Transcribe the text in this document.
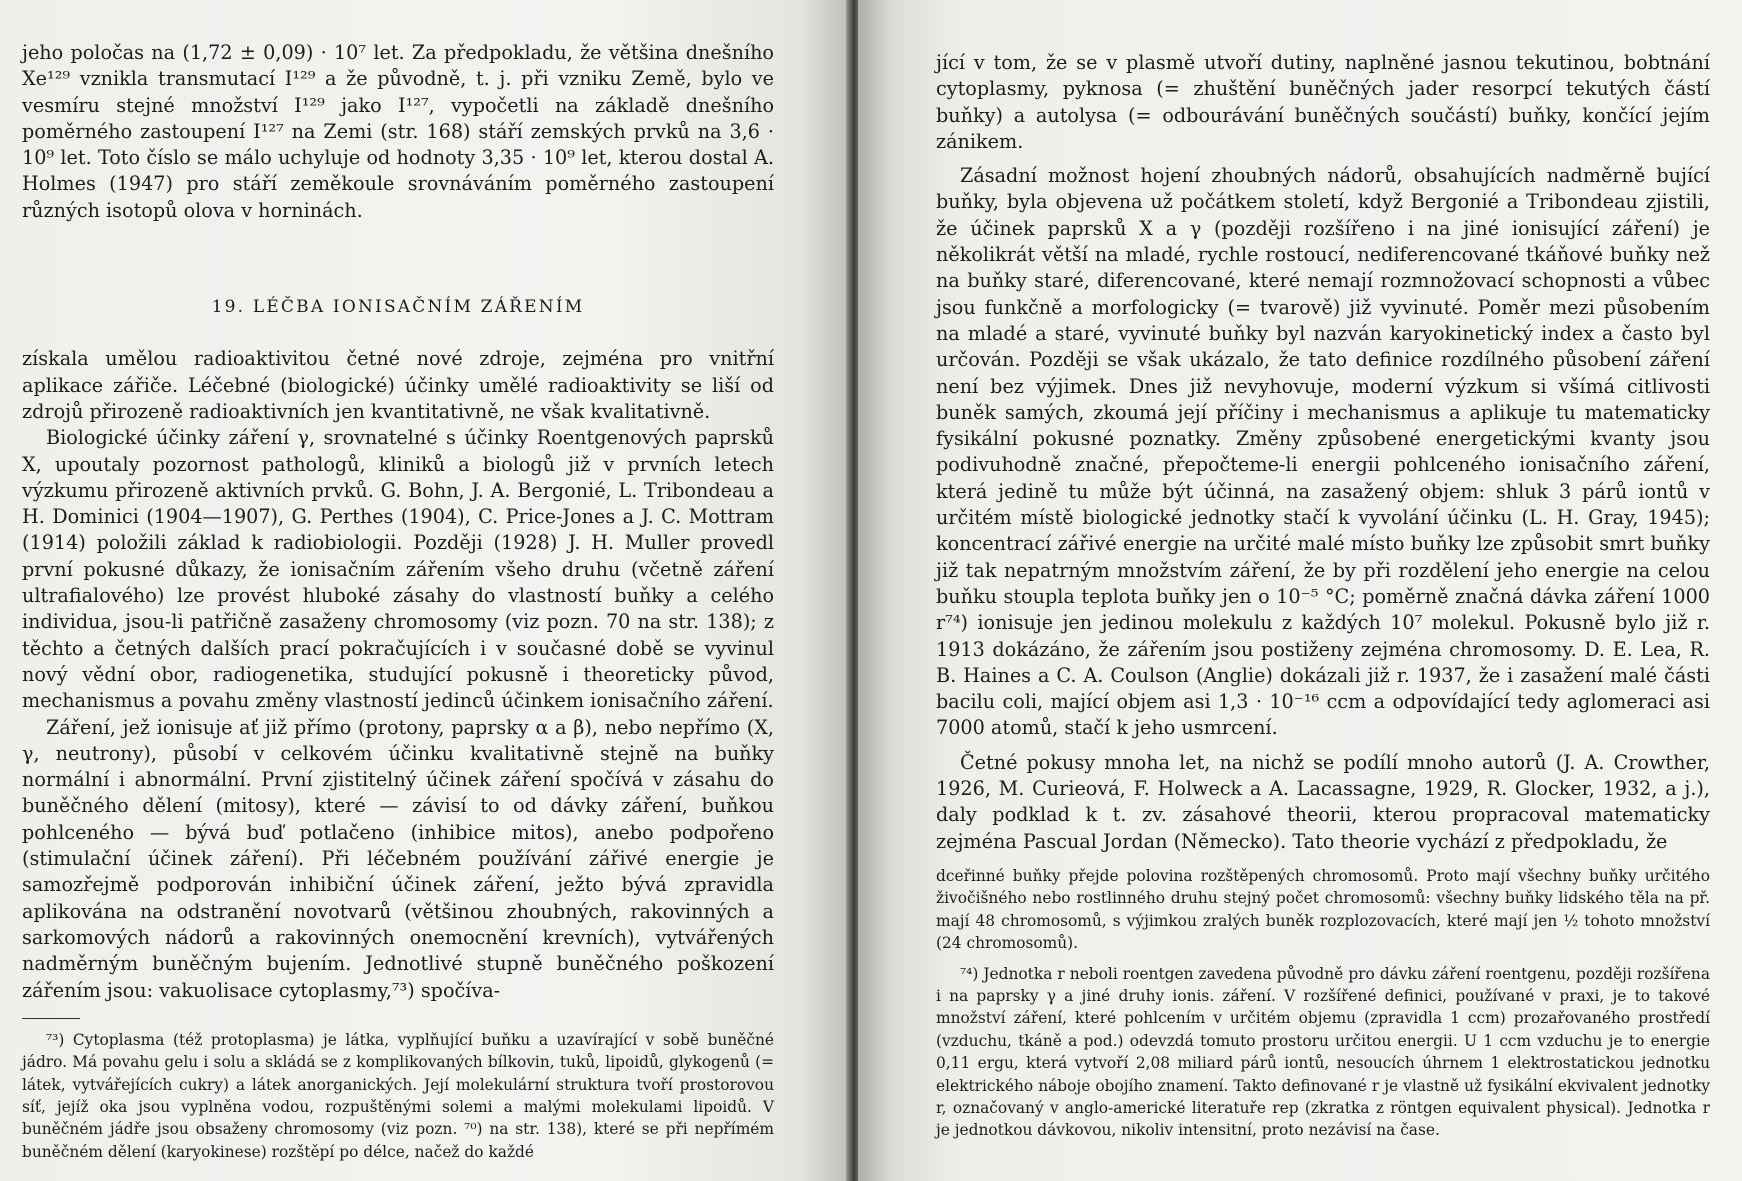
jeho poločas na (1,72 ± 0,09) · 10⁷ let. Za předpokladu, že většina dnešního Xe¹²⁹ vznikla transmutací I¹²⁹ a že původně, t. j. při vzniku Země, bylo ve vesmíru stejné množství I¹²⁹ jako I¹²⁷, vypočetli na základě dnešního poměrného zastoupení I¹²⁷ na Zemi (str. 168) stáří zemských prvků na 3,6 · 10⁹ let. Toto číslo se málo uchyluje od hodnoty 3,35 · 10⁹ let, kterou dostal A. Holmes (1947) pro stáří zeměkoule srovnáváním poměrného zastoupení různých isotopů olova v horninách.

19. LÉČBA IONISAČNÍM ZÁŘENÍM

získala umělou radioaktivitou četné nové zdroje, zejména pro vnitřní aplikace zářiče. Léčebné (biologické) účinky umělé radioaktivity se liší od zdrojů přirozeně radioaktivních jen kvantitativně, ne však kvalitativně.

Biologické účinky záření γ, srovnatelné s účinky Roentgenových paprsků X, upoutaly pozornost pathologů, kliniků a biologů již v prvních letech výzkumu přirozeně aktivních prvků. G. Bohn, J. A. Bergonié, L. Tribondeau a H. Dominici (1904—1907), G. Perthes (1904), C. Price-Jones a J. C. Mottram (1914) položili základ k radiobiologii. Později (1928) J. H. Muller provedl první pokusné důkazy, že ionisačním zářením všeho druhu (včetně záření ultrafialového) lze provést hluboké zásahy do vlastností buňky a celého individua, jsou-li patřičně zasaženy chromosomy (viz pozn. 70 na str. 138); z těchto a četných dalších prací pokračujících i v současné době se vyvinul nový vědní obor, radiogenetika, studující pokusně i theoreticky původ, mechanismus a povahu změny vlastností jedinců účinkem ionisačního záření.

Záření, jež ionisuje ať již přímo (protony, paprsky α a β), nebo nepřímo (X, γ, neutrony), působí v celkovém účinku kvalitativně stejně na buňky normální i abnormální. První zjistitelný účinek záření spočívá v zásahu do buněčného dělení (mitosy), které — závisí to od dávky záření, buňkou pohlceného — bývá buď potlačeno (inhibice mitos), anebo podpořeno (stimulační účinek záření). Při léčebném používání zářivé energie je samozřejmě podporován inhibiční účinek záření, ježto bývá zpravidla aplikována na odstranění novotvarů (většinou zhoubných, rakovinných a sarkomových nádorů a rakovinných onemocnění krevních), vytvářených nadměrným buněčným bujením. Jednotlivé stupně buněčného poškození zářením jsou: vakuolisace cytoplasmy,⁷³) spočíva-

⁷³) Cytoplasma (též protoplasma) je látka, vyplňující buňku a uzavírající v sobě buněčné jádro. Má povahu gelu i solu a skládá se z komplikovaných bílkovin, tuků, lipoidů, glykogenů (= látek, vytvářejících cukry) a látek anorganických. Její molekulární struktura tvoří prostorovou síť, jejíž oka jsou vyplněna vodou, rozpuštěnými solemi a malými molekulami lipoidů. V buněčném jádře jsou obsaženy chromosomy (viz pozn. ⁷⁰) na str. 138), které se při nepřímém buněčném dělení (karyokinese) rozštěpí po délce, načež do každé

jící v tom, že se v plasmě utvoří dutiny, naplněné jasnou tekutinou, bobtnání cytoplasmy, pyknosa (= zhuštění buněčných jader resorpcí tekutých částí buňky) a autolysa (= odbourávání buněčných součástí) buňky, končící jejím zánikem.

Zásadní možnost hojení zhoubných nádorů, obsahujících nadměrně bující buňky, byla objevena už počátkem století, když Bergonié a Tribondeau zjistili, že účinek paprsků X a γ (později rozšířeno i na jiné ionisující záření) je několikrát větší na mladé, rychle rostoucí, nediferencované tkáňové buňky než na buňky staré, diferencované, které nemají rozmnožovací schopnosti a vůbec jsou funkčně a morfologicky (= tvarově) již vyvinuté. Poměr mezi působením na mladé a staré, vyvinuté buňky byl nazván karyokinetický index a často byl určován. Později se však ukázalo, že tato definice rozdílného působení záření není bez výjimek. Dnes již nevyhovuje, moderní výzkum si všímá citlivosti buněk samých, zkoumá její příčiny i mechanismus a aplikuje tu matematicky fysikální pokusné poznatky. Změny způsobené energetickými kvanty jsou podivuhodně značné, přepočteme-li energii pohlceného ionisačního záření, která jedině tu může být účinná, na zasažený objem: shluk 3 párů iontů v určitém místě biologické jednotky stačí k vyvolání účinku (L. H. Gray, 1945); koncentrací zářivé energie na určité malé místo buňky lze způsobit smrt buňky již tak nepatrným množstvím záření, že by při rozdělení jeho energie na celou buňku stoupla teplota buňky jen o 10⁻⁵ °C; poměrně značná dávka záření 1000 r⁷⁴) ionisuje jen jedinou molekulu z každých 10⁷ molekul. Pokusně bylo již r. 1913 dokázáno, že zářením jsou postiženy zejména chromosomy. D. E. Lea, R. B. Haines a C. A. Coulson (Anglie) dokázali již r. 1937, že i zasažení malé části bacilu coli, mající objem asi 1,3 · 10⁻¹⁶ ccm a odpovídající tedy aglomeraci asi 7000 atomů, stačí k jeho usmrcení.

Četné pokusy mnoha let, na nichž se podílí mnoho autorů (J. A. Crowther, 1926, M. Curieová, F. Holweck a A. Lacassagne, 1929, R. Glocker, 1932, a j.), daly podklad k t. zv. zásahové theorii, kterou propracoval matematicky zejména Pascual Jordan (Německo). Tato theorie vychází z předpokladu, že

dceřinné buňky přejde polovina rozštěpených chromosomů. Proto mají všechny buňky určitého živočišného nebo rostlinného druhu stejný počet chromosomů: všechny buňky lidského těla na př. mají 48 chromosomů, s výjimkou zralých buněk rozplozovacích, které mají jen ½ tohoto množství (24 chromosomů).

⁷⁴) Jednotka r neboli roentgen zavedena původně pro dávku záření roentgenu, později rozšířena i na paprsky γ a jiné druhy ionis. záření. V rozšířené definici, používané v praxi, je to takové množství záření, které pohlcením v určitém objemu (zpravidla 1 ccm) prozařovaného prostředí (vzduchu, tkáně a pod.) odevzdá tomuto prostoru určitou energii. U 1 ccm vzduchu je to energie 0,11 ergu, která vytvoří 2,08 miliard párů iontů, nesoucích úhrnem 1 elektrostatickou jednotku elektrického náboje obojího znamení. Takto definované r je vlastně už fysikální ekvivalent jednotky r, označovaný v anglo-americké literatuře rep (zkratka z röntgen equivalent physical). Jednotka r je jednotkou dávkovou, nikoliv intensitní, proto nezávisí na čase.
